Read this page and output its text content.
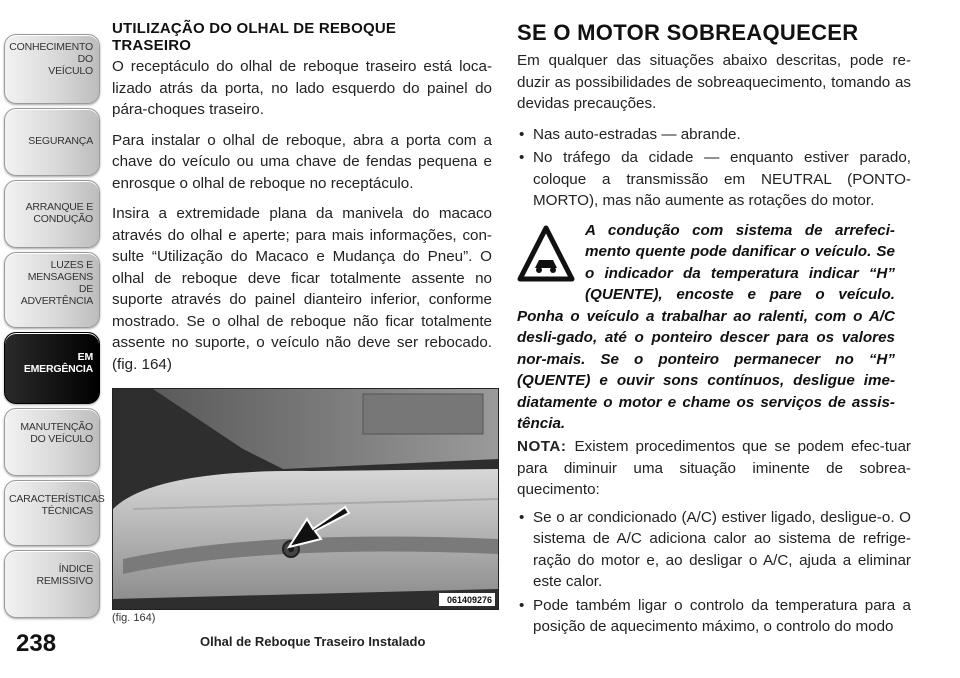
CONHECIMENTO
DO
VEÍCULO
SEGURANÇA
ARRANQUE E
CONDUÇÃO
LUZES E
MENSAGENS
DE
ADVERTÊNCIA
EM
EMERGÊNCIA
MANUTENÇÃO
DO VEÍCULO
CARACTERÍSTICAS
TÉCNICAS
ÍNDICE
REMISSIVO
238
UTILIZAÇÃO DO OLHAL DE REBOQUE
TRASEIRO

O receptáculo do olhal de reboque traseiro está loca-lizado atrás da porta, no lado esquerdo do painel do pára-choques traseiro.

Para instalar o olhal de reboque, abra a porta com a chave do veículo ou uma chave de fendas pequena e enrosque o olhal de reboque no receptáculo.

Insira a extremidade plana da manivela do macaco através do olhal e aperte; para mais informações, con-sulte “Utilização do Macaco e Mudança do Pneu”. O olhal de reboque deve ficar totalmente assente no suporte através do painel dianteiro inferior, conforme mostrado. Se o olhal de reboque não ficar totalmente assente no suporte, o veículo não deve ser rebocado. (fig. 164)

061409276
(fig. 164)
Olhal de Reboque Traseiro Instalado
SE O MOTOR SOBREAQUECER

Em qualquer das situações abaixo descritas, pode re-duzir as possibilidades de sobreaquecimento, tomando as devidas precauções.

• Nas auto-estradas — abrande.
• No tráfego da cidade — enquanto estiver parado, coloque a transmissão em NEUTRAL (PONTO-MORTO), mas não aumente as rotações do motor.

A condução com sistema de arrefeci-mento quente pode danificar o veículo. Se o indicador da temperatura indicar “H” (QUENTE), encoste e pare o veículo. Ponha o veículo a trabalhar ao ralenti, com o A/C desli-gado, até o ponteiro descer para os valores nor-mais. Se o ponteiro permanecer no “H” (QUENTE) e ouvir sons contínuos, desligue ime-diatamente o motor e chame os serviços de assis-tência.

NOTA: Existem procedimentos que se podem efec-tuar para diminuir uma situação iminente de sobrea-quecimento:

• Se o ar condicionado (A/C) estiver ligado, desligue-o. O sistema de A/C adiciona calor ao sistema de refrige-ração do motor e, ao desligar o A/C, ajuda a eliminar este calor.
• Pode também ligar o controlo da temperatura para a posição de aquecimento máximo, o controlo do modo
